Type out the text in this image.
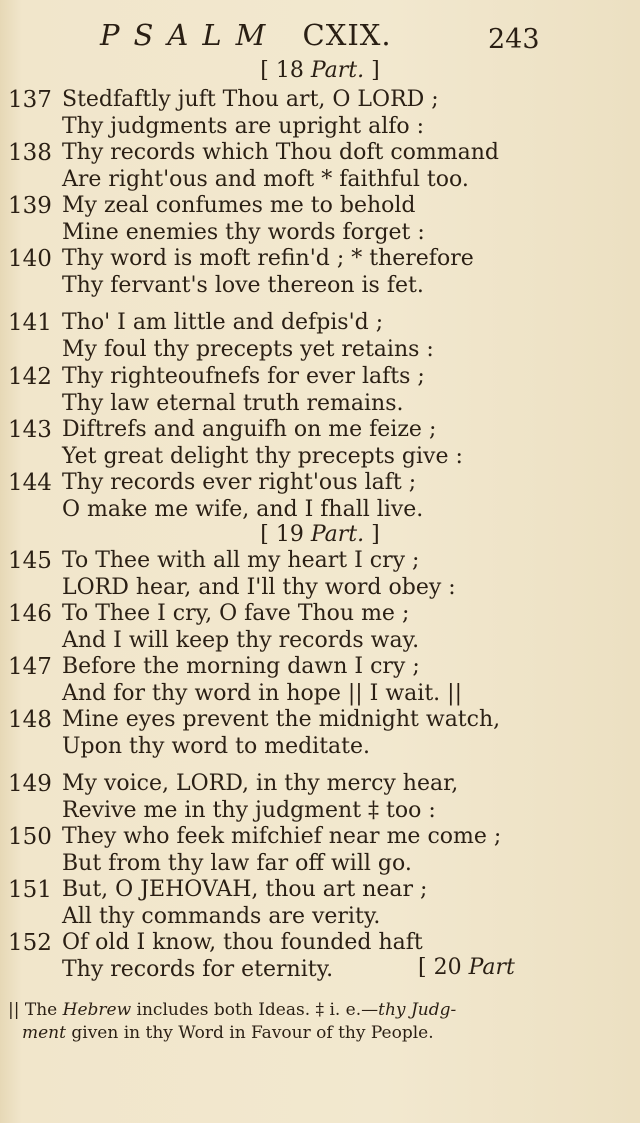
PSALM CXIX.	243
[ 18 Part. ]
137 Stedfaftly juft Thou art, O LORD ;
Thy judgments are upright alfo :
138 Thy records which Thou doft command
Are right'ous and moft * faithful too.
139 My zeal confumes me to behold
Mine enemies thy words forget :
140 Thy word is moft refin'd ; * therefore
Thy fervant's love thereon is fet.
141 Tho' I am little and defpis'd ;
My foul thy precepts yet retains :
142 Thy righteoufnefs for ever lafts ;
Thy law eternal truth remains.
143 Diftrefs and anguifh on me feize ;
Yet great delight thy precepts give :
144 Thy records ever right'ous laft ;
O make me wife, and I fhall live.
[ 19 Part. ]
145 To Thee with all my heart I cry ;
LORD hear, and I'll thy word obey :
146 To Thee I cry, O fave Thou me ;
And I will keep thy records way.
147 Before the morning dawn I cry ;
And for thy word in hope || I wait. ||
148 Mine eyes prevent the midnight watch,
Upon thy word to meditate.
149 My voice, LORD, in thy mercy hear,
Revive me in thy judgment ‡ too :
150 They who feek mifchief near me come ;
But from thy law far off will go.
151 But, O JEHOVAH, thou art near ;
All thy commands are verity.
152 Of old I know, thou founded haft
Thy records for eternity.	[ 20 Part
|| The Hebrew includes both Ideas. ‡ i. e.—thy Judg-
ment given in thy Word in Favour of thy People.
